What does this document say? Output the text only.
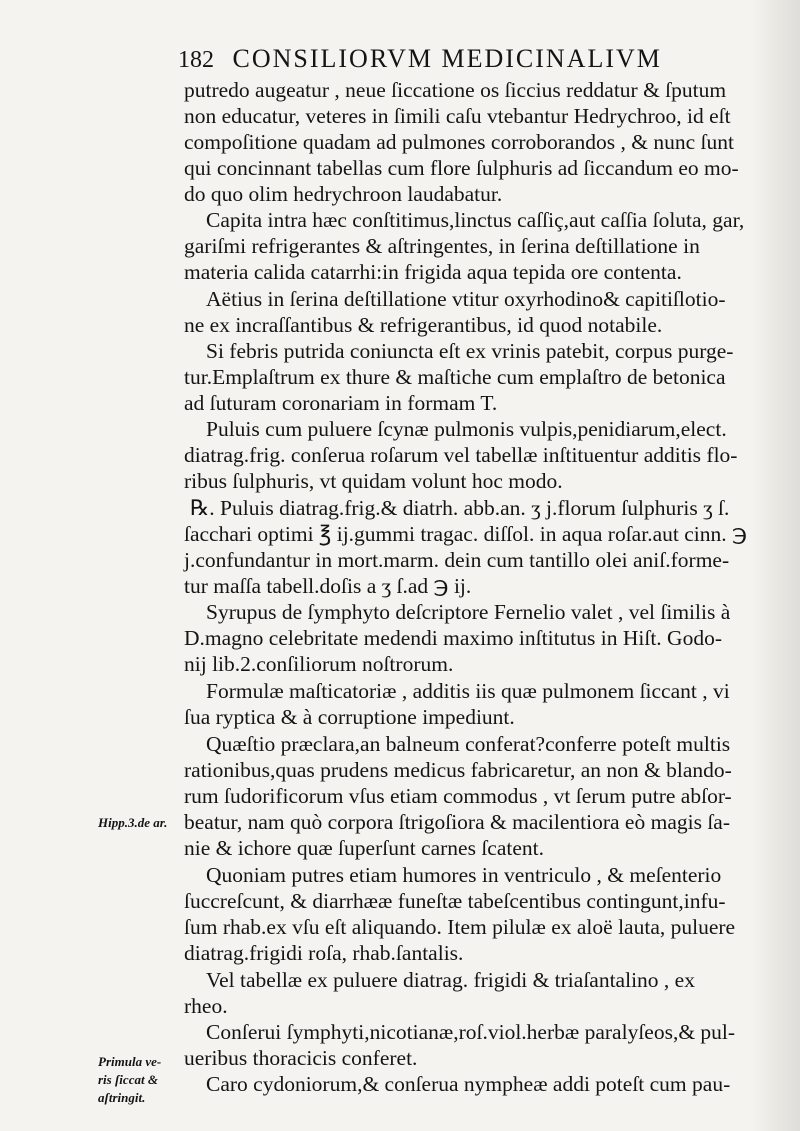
182 CONSILIORVM MEDICINALIVM
putredo augeatur , neue ſiccatione os ſiccius reddatur & ſputum
non educatur, veteres in ſimili caſu vtebantur Hedrychroo, id eſt
compoſitione quadam ad pulmones corroborandos , & nunc ſunt
qui concinnant tabellas cum flore ſulphuris ad ſiccandum eo mo-
do quo olim hedrychroon laudabatur.
Capita intra hæc conſtitimus,linctus caſſiç,aut caſſia ſoluta, gar,
gariſmi refrigerantes & aſtringentes, in ſerina deſtillatione in
materia calida catarrhi:in frigida aqua tepida ore contenta.
Aëtius in ſerina deſtillatione vtitur oxyrhodino& capitiſlotio-
ne ex incraſſantibus & refrigerantibus, id quod notabile.
Si febris putrida coniuncta eſt ex vrinis patebit, corpus purge-
tur.Emplaſtrum ex thure & maſtiche cum emplaſtro de betonica
ad ſuturam coronariam in formam T.
Puluis cum puluere ſcynæ pulmonis vulpis,penidiarum,elect.
diatrag.frig. conſerua roſarum vel tabellæ inſtituentur additis flo-
ribus ſulphuris, vt quidam volunt hoc modo.
℞. Puluis diatrag.frig.& diatrh. abb.an. ʒ j.florum ſulphuris ʒ ſ.
ſacchari optimi ℥ ij.gummi tragac. diſſol. in aqua roſar.aut cinn. ℈
j.confundantur in mort.marm. dein cum tantillo olei aniſ.forme-
tur maſſa tabell.doſis a ʒ ſ.ad ℈ ij.
Syrupus de ſymphyto deſcriptore Fernelio valet , vel ſimilis à
D.magno celebritate medendi maximo inſtitutus in Hiſt. Godo-
nij lib.2.conſiliorum noſtrorum.
Formulæ maſticatoriæ , additis iis quæ pulmonem ſiccant , vi
ſua ryptica & à corruptione impediunt.
Quæſtio præclara,an balneum conferat?conferre poteſt multis
rationibus,quas prudens medicus fabricaretur, an non & blando-
rum ſudorificorum vſus etiam commodus , vt ſerum putre abſor-
beatur, nam quò corpora ſtrigoſiora & macilentiora eò magis ſa-
nie & ichore quæ ſuperſunt carnes ſcatent.
Quoniam putres etiam humores in ventriculo , & meſenterio
ſuccreſcunt, & diarrhææ funeſtæ tabeſcentibus contingunt,infu-
ſum rhab.ex vſu eſt aliquando. Item pilulæ ex aloë lauta, puluere
diatrag.frigidi roſa, rhab.ſantalis.
Vel tabellæ ex puluere diatrag. frigidi & triaſantalino , ex
rheo.
Conſerui ſymphyti,nicotianæ,roſ.viol.herbæ paralyſeos,& pul-
ueribus thoracicis conferet.
Caro cydoniorum,& conſerua nympheæ addi poteſt cum pau-
Hipp.3.de ar.
Primula ve-
ris ſiccat &
aſtringit.
